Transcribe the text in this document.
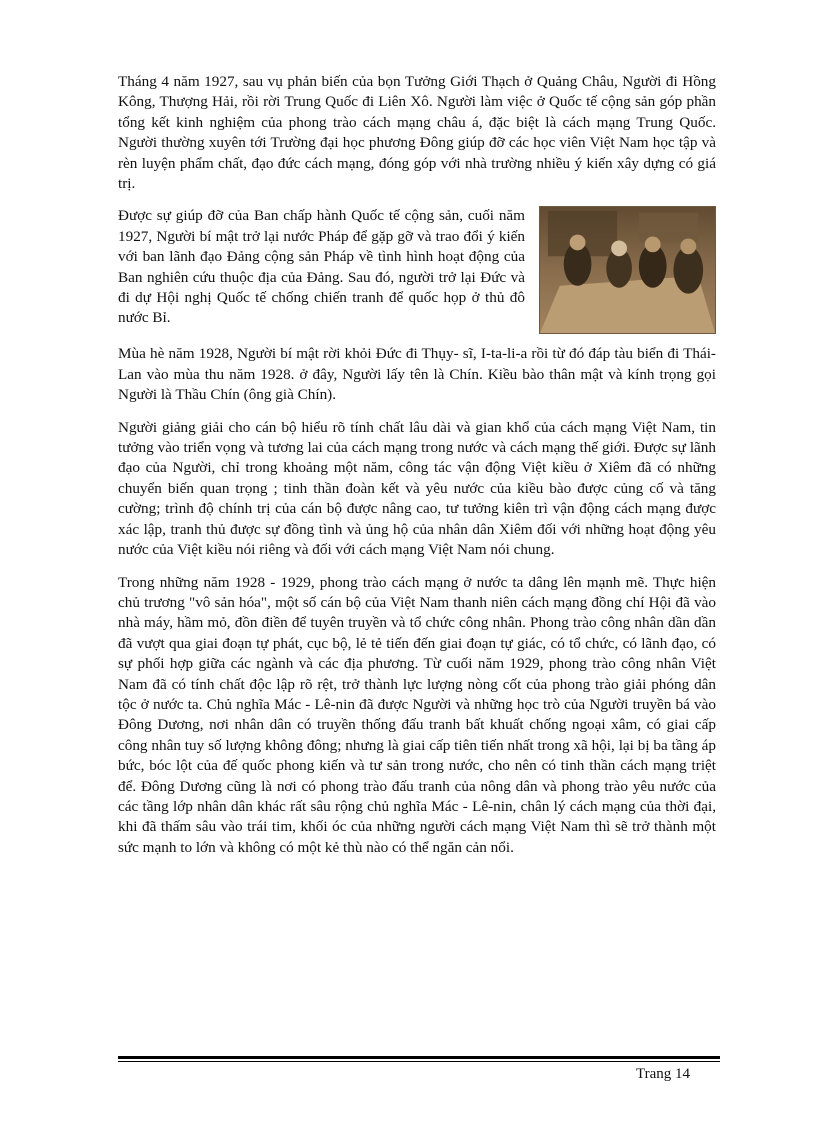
Tháng 4 năm 1927, sau vụ phản biến của bọn Tưởng Giới Thạch ở Quảng Châu, Người đi Hồng Kông, Thượng Hải, rồi rời Trung Quốc đi Liên Xô. Người làm việc ở Quốc tế cộng sản góp phần tổng kết kinh nghiệm của phong trào cách mạng châu á, đặc biệt là cách mạng Trung Quốc. Người thường xuyên tới Trường đại học phương Đông giúp đỡ các học viên Việt Nam học tập và rèn luyện phẩm chất, đạo đức cách mạng, đóng góp với nhà trường nhiều ý kiến xây dựng có giá trị.

Được sự giúp đỡ của Ban chấp hành Quốc tế cộng sản, cuối năm 1927, Người bí mật trở lại nước Pháp để gặp gỡ và trao đổi ý kiến với ban lãnh đạo Đảng cộng sản Pháp về tình hình hoạt động của Ban nghiên cứu thuộc địa của Đảng. Sau đó, người trở lại Đức và đi dự Hội nghị Quốc tế chống chiến tranh để quốc họp ở thủ đô nước Bỉ.

Mùa hè năm 1928, Người bí mật rời khỏi Đức đi Thụy- sĩ, I-ta-li-a rồi từ đó đáp tàu biển đi Thái-Lan vào mùa thu năm 1928. ở đây, Người lấy tên là Chín. Kiều bào thân mật và kính trọng gọi Người là Thầu Chín (ông già Chín).

Người giảng giải cho cán bộ hiểu rõ tính chất lâu dài và gian khổ của cách mạng Việt Nam, tin tưởng vào triển vọng và tương lai của cách mạng trong nước và cách mạng thế giới. Được sự lãnh đạo của Người, chỉ trong khoảng một năm, công tác vận động Việt kiều ở Xiêm đã có những chuyển biến quan trọng ; tinh thần đoàn kết và yêu nước của kiều bào được củng cố và tăng cường; trình độ chính trị của cán bộ được nâng cao, tư tưởng kiên trì vận động cách mạng được xác lập, tranh thủ được sự đồng tình và ủng hộ của nhân dân Xiêm đối với những hoạt động yêu nước của Việt kiều nói riêng và đối với cách mạng Việt Nam nói chung.

Trong những năm 1928 - 1929, phong trào cách mạng ở nước ta dâng lên mạnh mẽ. Thực hiện chủ trương "vô sản hóa", một số cán bộ của Việt Nam thanh niên cách mạng đồng chí Hội đã vào nhà máy, hầm mỏ, đồn điền để tuyên truyền và tổ chức công nhân. Phong trào công nhân dần dần đã vượt qua giai đoạn tự phát, cục bộ, lẻ tẻ tiến đến giai đoạn tự giác, có tổ chức, có lãnh đạo, có sự phối hợp giữa các ngành và các địa phương. Từ cuối năm 1929, phong trào công nhân Việt Nam đã có tính chất độc lập rõ rệt, trở thành lực lượng nòng cốt của phong trào giải phóng dân tộc ở nước ta. Chủ nghĩa Mác - Lê-nin đã được Người và những học trò của Người truyền bá vào Đông Dương, nơi nhân dân có truyền thống đấu tranh bất khuất chống ngoại xâm, có giai cấp công nhân tuy số lượng không đông; nhưng là giai cấp tiên tiến nhất trong xã hội, lại bị ba tầng áp bức, bóc lột của đế quốc phong kiến và tư sản trong nước, cho nên có tinh thần cách mạng triệt để. Đông Dương cũng là nơi có phong trào đấu tranh của nông dân và phong trào yêu nước của các tầng lớp nhân dân khác rất sâu rộng chủ nghĩa Mác - Lê-nin, chân lý cách mạng của thời đại, khi đã thấm sâu vào trái tim, khối óc của những người cách mạng Việt Nam thì sẽ trở thành một sức mạnh to lớn và không có một kẻ thù nào có thể ngăn cản nổi.

Trang 14
